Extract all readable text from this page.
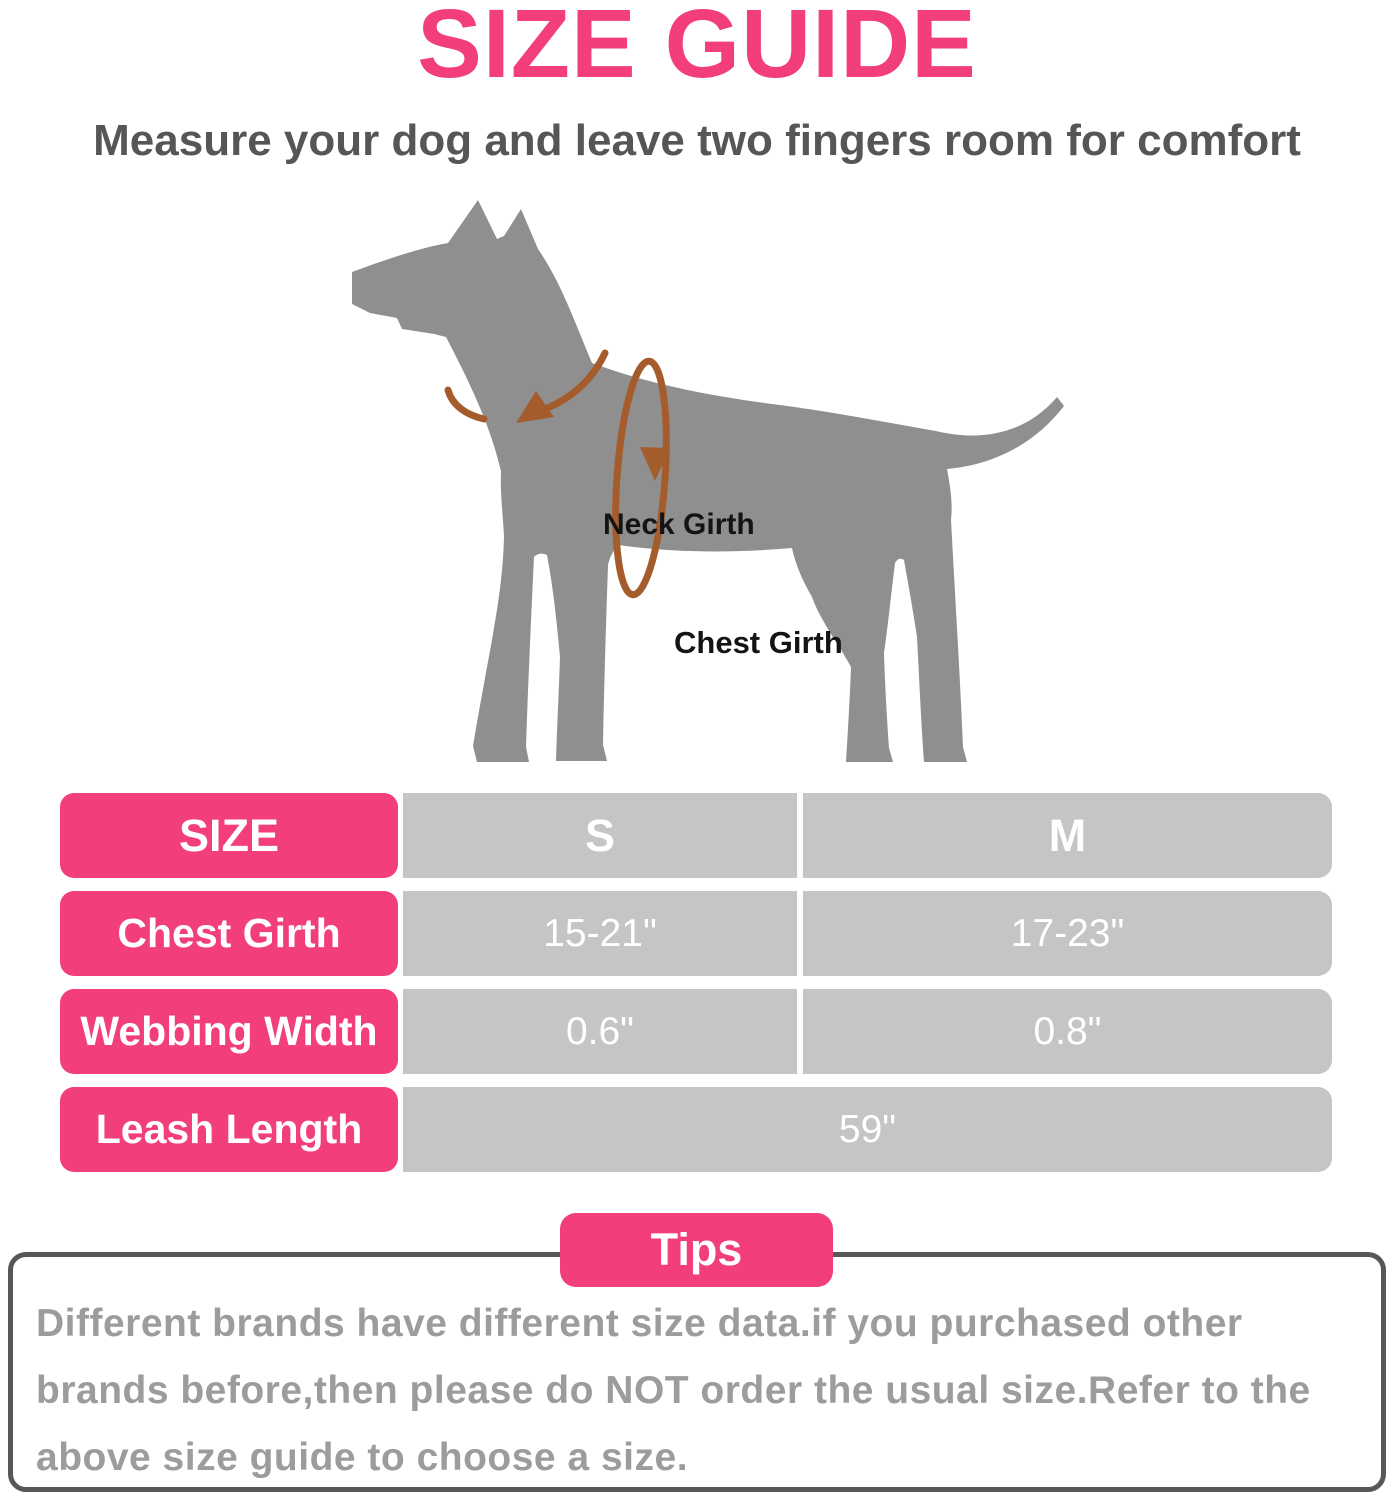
SIZE GUIDE
Measure your dog and leave two fingers room for comfort
Neck Girth
Chest Girth
SIZE	S	M
Chest Girth	15-21"	17-23"
Webbing Width	0.6"	0.8"
Leash Length	59"
Tips
Different brands have different size data.if you purchased other brands before,then please do NOT order the usual size.Refer to the above size guide to choose a size.
